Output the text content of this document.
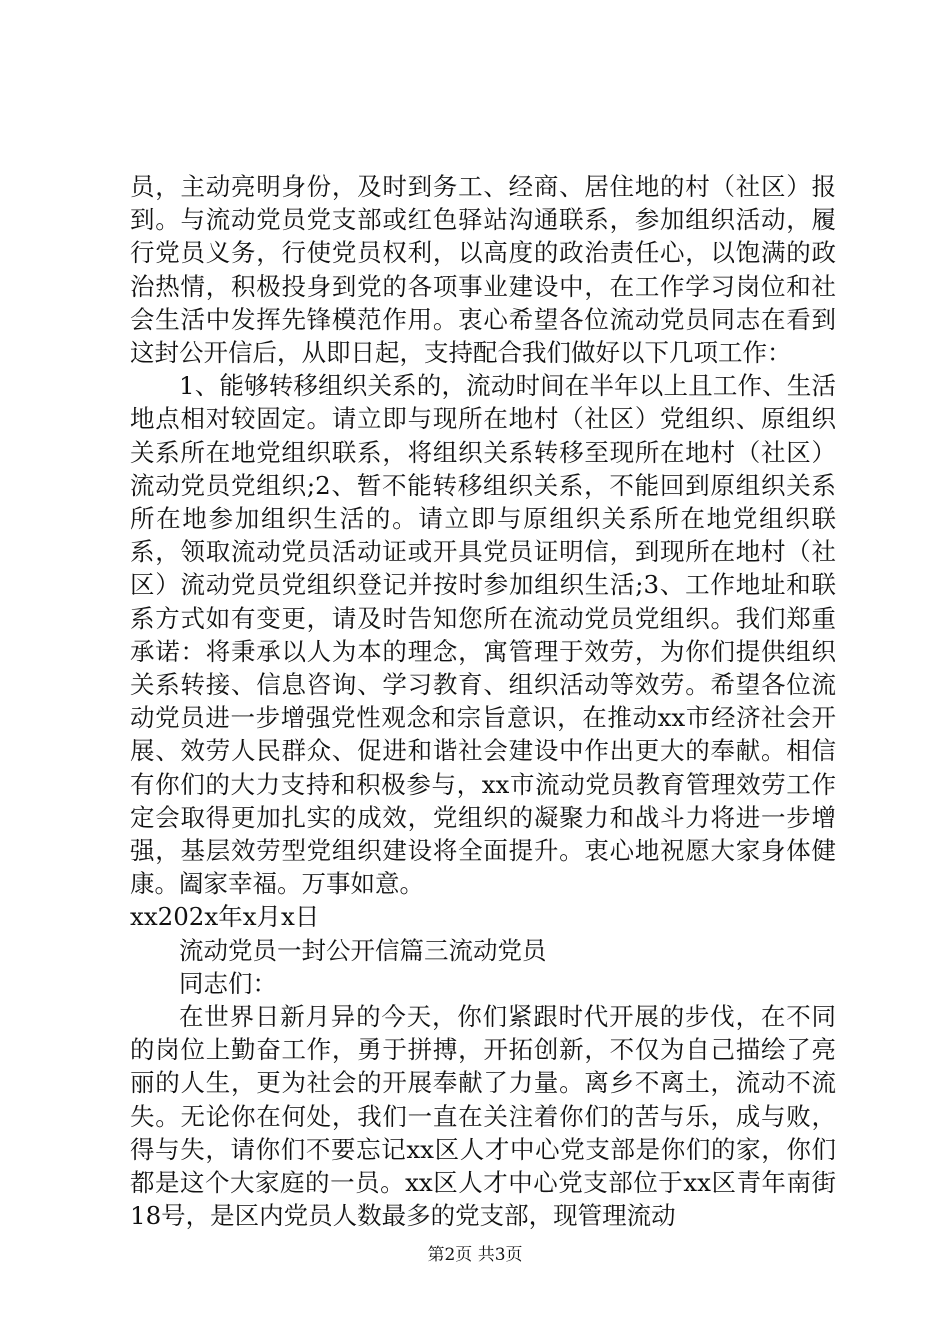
员，主动亮明身份，及时到务工、经商、居住地的村（社区）报到。与流动党员党支部或红色驿站沟通联系，参加组织活动，履行党员义务，行使党员权利，以高度的政治责任心，以饱满的政治热情，积极投身到党的各项事业建设中，在工作学习岗位和社会生活中发挥先锋模范作用。衷心希望各位流动党员同志在看到这封公开信后，从即日起，支持配合我们做好以下几项工作：

1、能够转移组织关系的，流动时间在半年以上且工作、生活地点相对较固定。请立即与现所在地村（社区）党组织、原组织关系所在地党组织联系，将组织关系转移至现所在地村（社区）流动党员党组织;2、暂不能转移组织关系，不能回到原组织关系所在地参加组织生活的。请立即与原组织关系所在地党组织联系，领取流动党员活动证或开具党员证明信，到现所在地村（社区）流动党员党组织登记并按时参加组织生活;3、工作地址和联系方式如有变更，请及时告知您所在流动党员党组织。我们郑重承诺：将秉承以人为本的理念，寓管理于效劳，为你们提供组织关系转接、信息咨询、学习教育、组织活动等效劳。希望各位流动党员进一步增强党性观念和宗旨意识，在推动xx市经济社会开展、效劳人民群众、促进和谐社会建设中作出更大的奉献。相信有你们的大力支持和积极参与，xx市流动党员教育管理效劳工作定会取得更加扎实的成效，党组织的凝聚力和战斗力将进一步增强，基层效劳型党组织建设将全面提升。衷心地祝愿大家身体健康。阖家幸福。万事如意。

xx202x年x月x日

流动党员一封公开信篇三流动党员

同志们：

在世界日新月异的今天，你们紧跟时代开展的步伐，在不同的岗位上勤奋工作，勇于拼搏，开拓创新，不仅为自己描绘了亮丽的人生，更为社会的开展奉献了力量。离乡不离土，流动不流失。无论你在何处，我们一直在关注着你们的苦与乐，成与败，得与失，请你们不要忘记xx区人才中心党支部是你们的家，你们都是这个大家庭的一员。xx区人才中心党支部位于xx区青年南街18号，是区内党员人数最多的党支部，现管理流动

第2页 共3页
